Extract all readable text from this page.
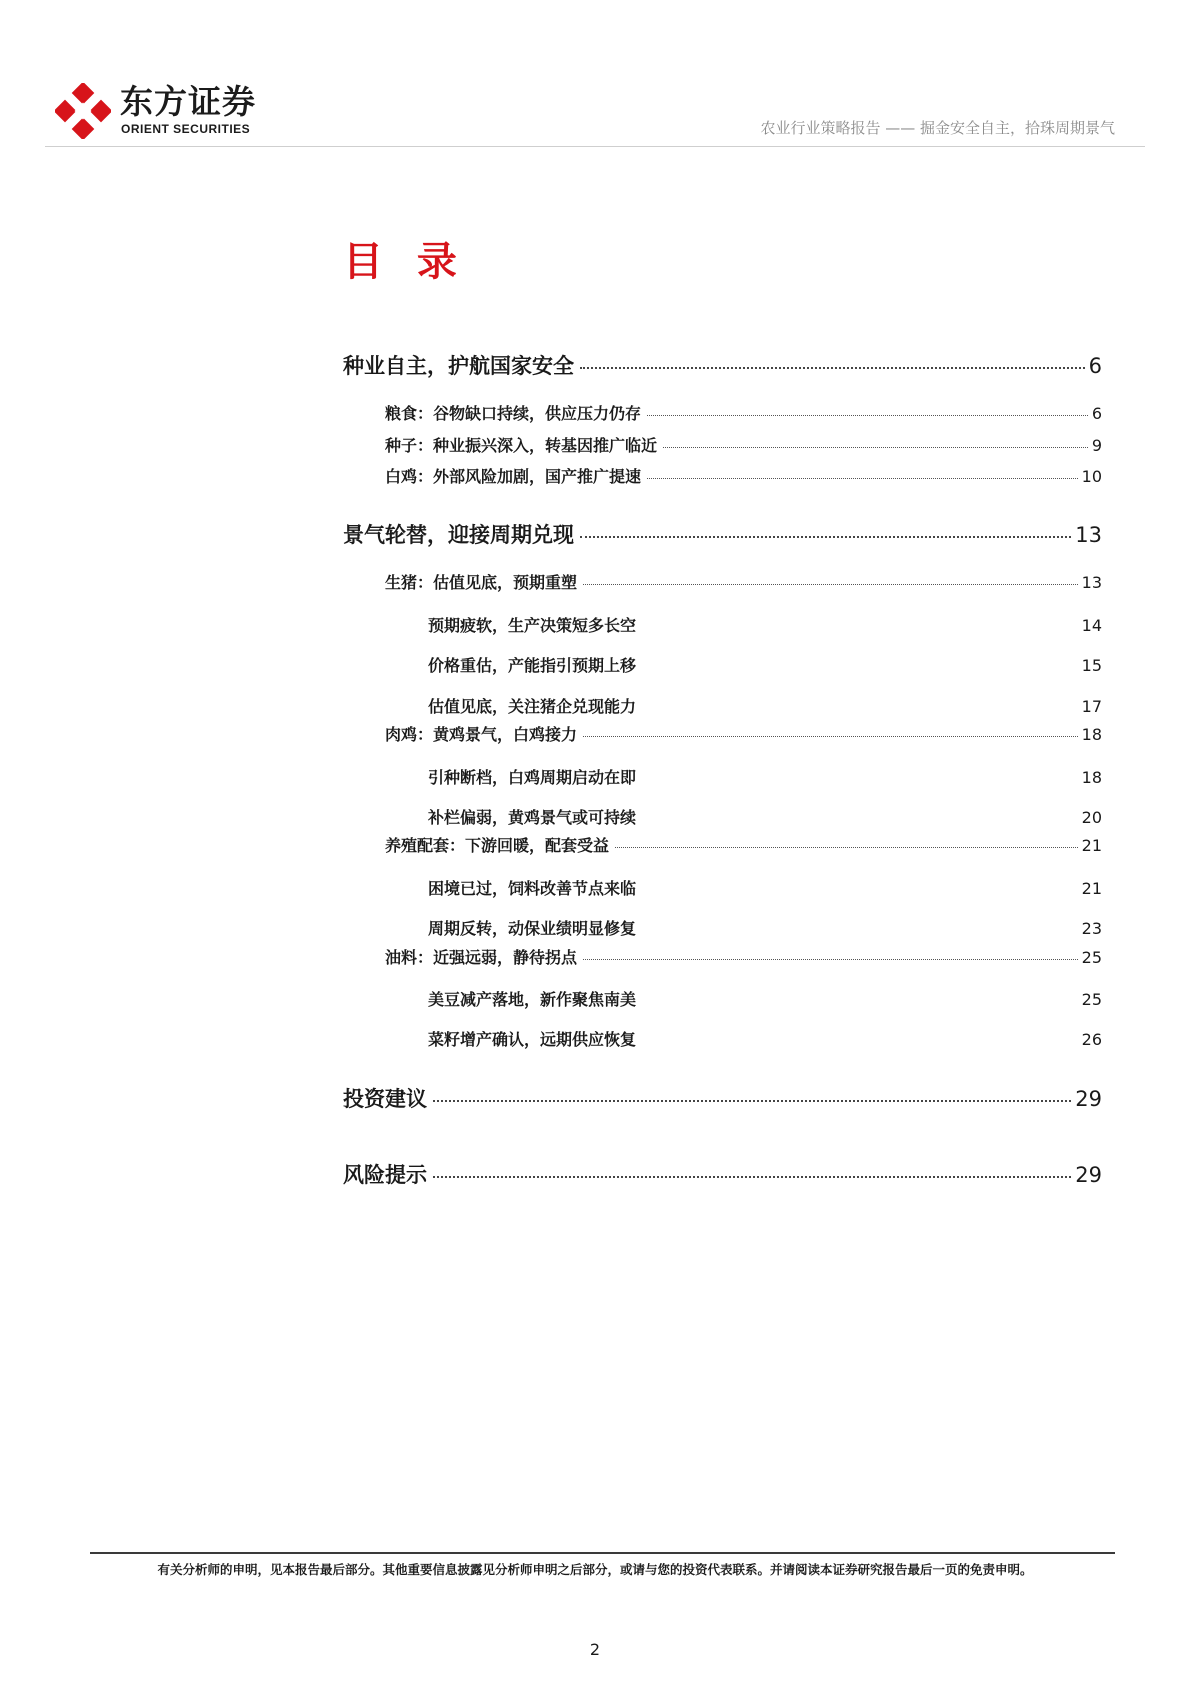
东方证券
ORIENT SECURITIES	农业行业策略报告 —— 掘金安全自主，拾珠周期景气
目 录
种业自主，护航国家安全	6
粮食：谷物缺口持续，供应压力仍存	6
种子：种业振兴深入，转基因推广临近	9
白鸡：外部风险加剧，国产推广提速	10
景气轮替，迎接周期兑现	13
生猪：估值见底，预期重塑	13
预期疲软，生产决策短多长空	14
价格重估，产能指引预期上移	15
估值见底，关注猪企兑现能力	17
肉鸡：黄鸡景气，白鸡接力	18
引种断档，白鸡周期启动在即	18
补栏偏弱，黄鸡景气或可持续	20
养殖配套：下游回暖，配套受益	21
困境已过，饲料改善节点来临	21
周期反转，动保业绩明显修复	23
油料：近强远弱，静待拐点	25
美豆减产落地，新作聚焦南美	25
菜籽增产确认，远期供应恢复	26
投资建议	29
风险提示	29
有关分析师的申明，见本报告最后部分。其他重要信息披露见分析师申明之后部分，或请与您的投资代表联系。并请阅读本证券研究报告最后一页的免责申明。
2
